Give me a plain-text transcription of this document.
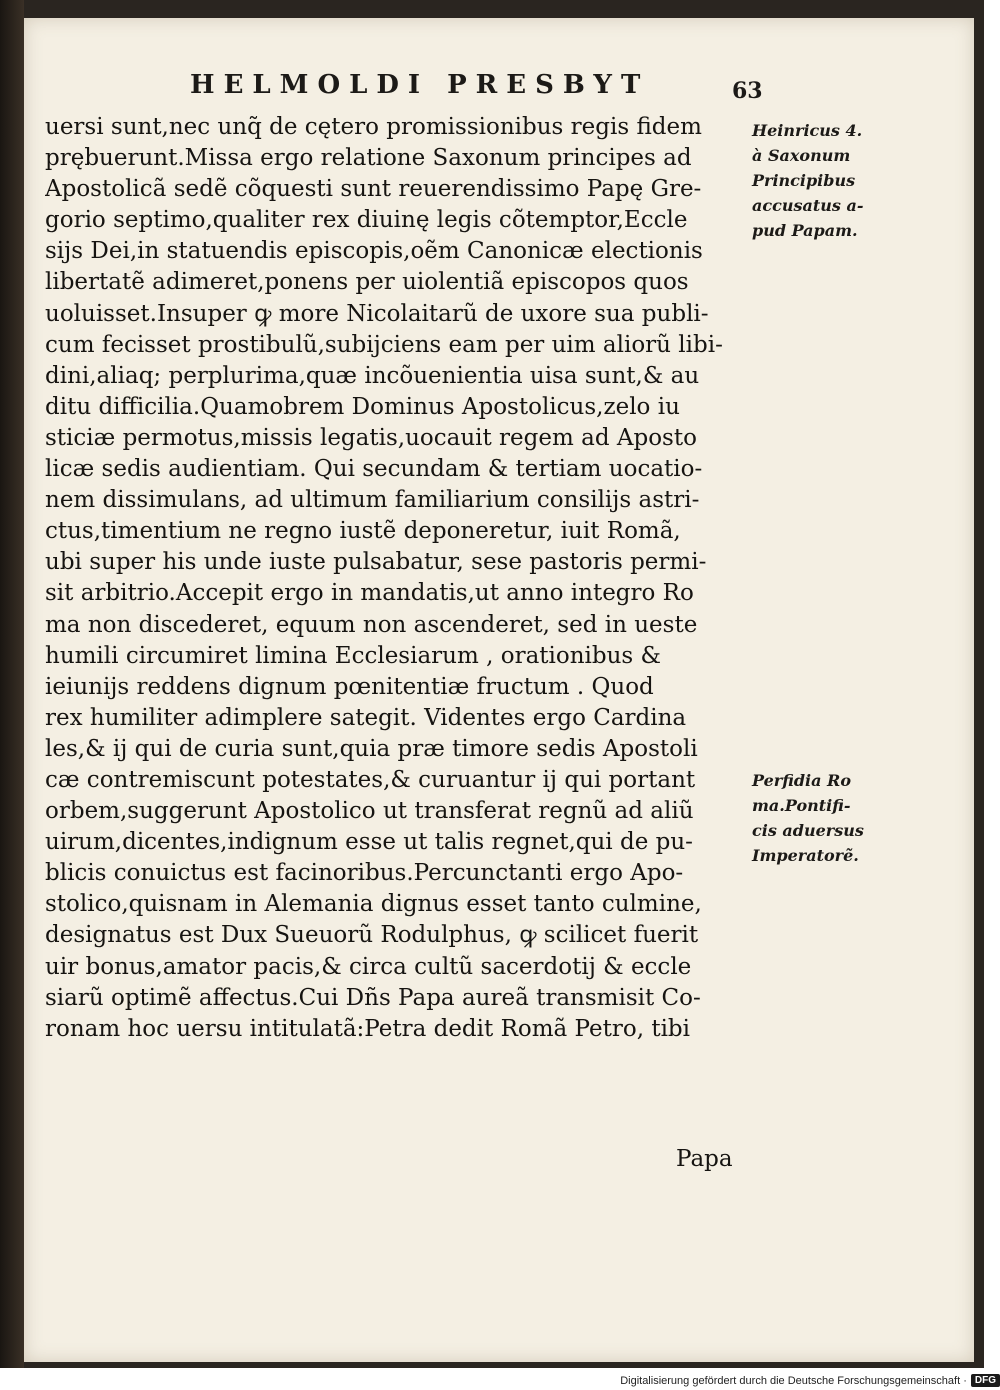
HELMOLDI PRESBYT	63
uersi sunt,nec unq̃ de cętero promissionibus regis fidem
prębuerunt.Missa ergo relatione Saxonum principes ad
Apostolicã sedẽ cõquesti sunt reuerendissimo Papę Gre-
gorio septimo,qualiter rex diuinę legis cõtemptor,Eccle
sijs Dei,in statuendis episcopis,oẽm Canonicæ electionis
libertatẽ adimeret,ponens per uiolentiã episcopos quos
uoluisset.Insuper ꝙ more Nicolaitarũ de uxore sua publi-
cum fecisset prostibulũ,subijciens eam per uim aliorũ libi-
dini,aliaq; perplurima,quæ incõuenientia uisa sunt,& au
ditu difficilia.Quamobrem Dominus Apostolicus,zelo iu
sticiæ permotus,missis legatis,uocauit regem ad Aposto
licæ sedis audientiam. Qui secundam & tertiam uocatio-
nem dissimulans, ad ultimum familiarium consilijs astri-
ctus,timentium ne regno iustẽ deponeretur, iuit Romã,
ubi super his unde iuste pulsabatur, sese pastoris permi-
sit arbitrio.Accepit ergo in mandatis,ut anno integro Ro
ma non discederet, equum non ascenderet, sed in ueste
humili circumiret limina Ecclesiarum , orationibus &
ieiunijs reddens dignum pœnitentiæ fructum . Quod
rex humiliter adimplere sategit. Videntes ergo Cardina
les,& ij qui de curia sunt,quia præ timore sedis Apostoli
cæ contremiscunt potestates,& curuantur ij qui portant
orbem,suggerunt Apostolico ut transferat regnũ ad aliũ
uirum,dicentes,indignum esse ut talis regnet,qui de pu-
blicis conuictus est facinoribus.Percunctanti ergo Apo-
stolico,quisnam in Alemania dignus esset tanto culmine,
designatus est Dux Sueuorũ Rodulphus, ꝙ scilicet fuerit
uir bonus,amator pacis,& circa cultũ sacerdotij & eccle
siarũ optimẽ affectus.Cui Dñs Papa aureã transmisit Co-
ronam hoc uersu intitulatã:Petra dedit Romã Petro, tibi
Heinricus 4.
à Saxonum
Principibus
accusatus a-
pud Papam.
Perfidia Ro
ma.Pontifi-
cis aduersus
Imperatorẽ.
Papa
Digitalisierung gefördert durch die Deutsche Forschungsgemeinschaft · DFG
